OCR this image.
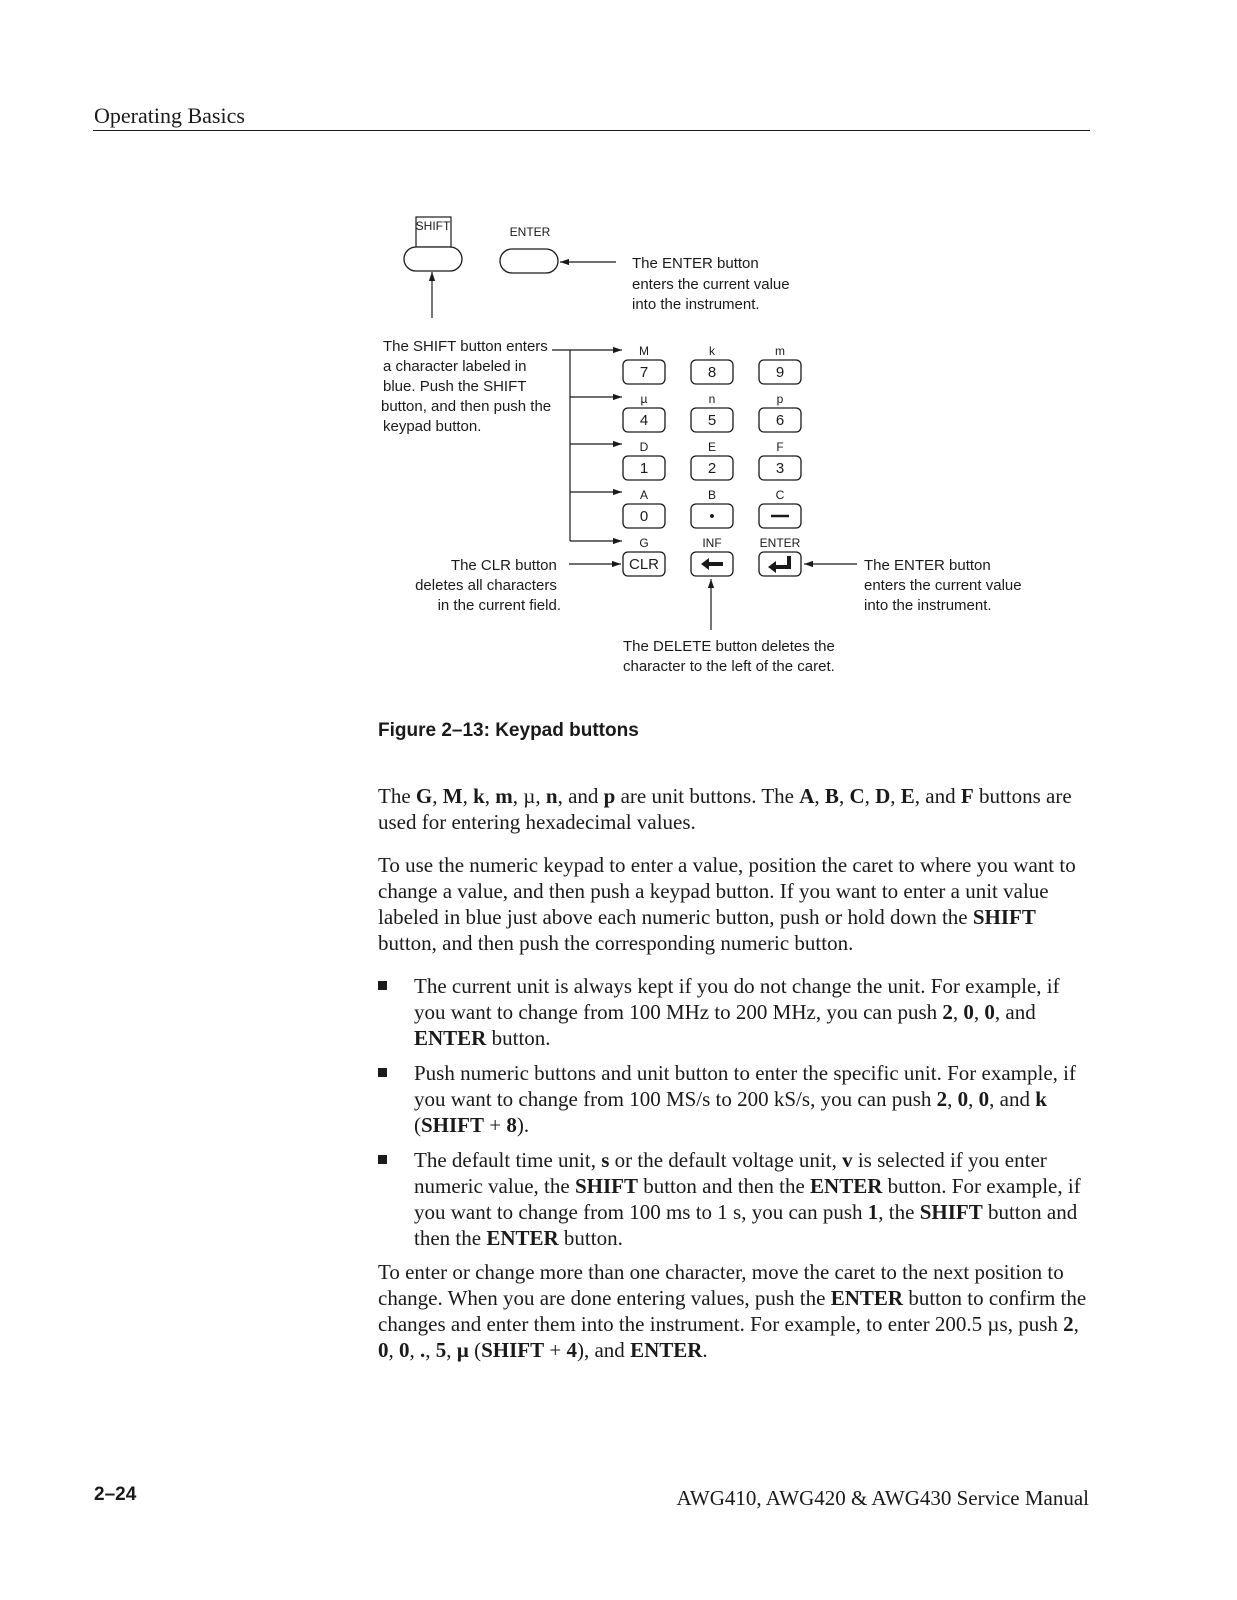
Operating Basics
SHIFT	ENTER
The ENTER button enters the current value into the instrument.
The SHIFT button enters a character labeled in blue. Push the SHIFT button, and then push the keypad button.
M	k	m
7	8	9
µ	n	p
4	5	6
D	E	F
1	2	3
A	B	C
0	•
G	INF	ENTER
CLR
The CLR button deletes all characters in the current field.
The ENTER button enters the current value into the instrument.
The DELETE button deletes the character to the left of the caret.
Figure 2–13: Keypad buttons

The G, M, k, m, µ, n, and p are unit buttons. The A, B, C, D, E, and F buttons are used for entering hexadecimal values.

To use the numeric keypad to enter a value, position the caret to where you want to change a value, and then push a keypad button. If you want to enter a unit value labeled in blue just above each numeric button, push or hold down the SHIFT button, and then push the corresponding numeric button.

The current unit is always kept if you do not change the unit. For example, if you want to change from 100 MHz to 200 MHz, you can push 2, 0, 0, and ENTER button.
Push numeric buttons and unit button to enter the specific unit. For example, if you want to change from 100 MS/s to 200 kS/s, you can push 2, 0, 0, and k (SHIFT + 8).
The default time unit, s or the default voltage unit, v is selected if you enter numeric value, the SHIFT button and then the ENTER button. For example, if you want to change from 100 ms to 1 s, you can push 1, the SHIFT button and then the ENTER button.

To enter or change more than one character, move the caret to the next position to change. When you are done entering values, push the ENTER button to confirm the changes and enter them into the instrument. For example, to enter 200.5 µs, push 2, 0, 0, ., 5, µ (SHIFT + 4), and ENTER.

2–24	AWG410, AWG420 & AWG430 Service Manual
